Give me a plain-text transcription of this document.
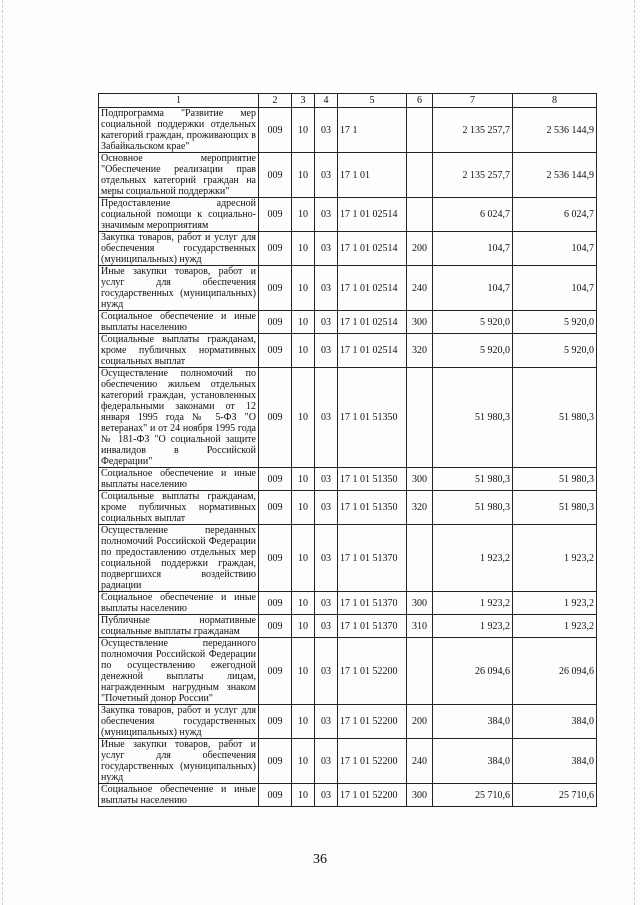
1	2	3	4	5	6	7	8
Подпрограмма "Развитие мер социальной поддержки отдельных категорий граждан, проживающих в Забайкальском крае"	009	10	03	17 1		2 135 257,7	2 536 144,9
Основное мероприятие "Обеспечение реализации прав отдельных категорий граждан на меры социальной поддержки"	009	10	03	17 1 01		2 135 257,7	2 536 144,9
Предоставление адресной социальной помощи к социально-значимым мероприятиям	009	10	03	17 1 01 02514		6 024,7	6 024,7
Закупка товаров, работ и услуг для обеспечения государственных (муниципальных) нужд	009	10	03	17 1 01 02514	200	104,7	104,7
Иные закупки товаров, работ и услуг для обеспечения государственных (муниципальных) нужд	009	10	03	17 1 01 02514	240	104,7	104,7
Социальное обеспечение и иные выплаты населению	009	10	03	17 1 01 02514	300	5 920,0	5 920,0
Социальные выплаты гражданам, кроме публичных нормативных социальных выплат	009	10	03	17 1 01 02514	320	5 920,0	5 920,0
Осуществление полномочий по обеспечению жильем отдельных категорий граждан, установленных федеральными законами от 12 января 1995 года № 5-ФЗ "О ветеранах" и от 24 ноября 1995 года № 181-ФЗ "О социальной защите инвалидов в Российской Федерации"	009	10	03	17 1 01 51350		51 980,3	51 980,3
Социальное обеспечение и иные выплаты населению	009	10	03	17 1 01 51350	300	51 980,3	51 980,3
Социальные выплаты гражданам, кроме публичных нормативных социальных выплат	009	10	03	17 1 01 51350	320	51 980,3	51 980,3
Осуществление переданных полномочий Российской Федерации по предоставлению отдельных мер социальной поддержки граждан, подвергшихся воздействию радиации	009	10	03	17 1 01 51370		1 923,2	1 923,2
Социальное обеспечение и иные выплаты населению	009	10	03	17 1 01 51370	300	1 923,2	1 923,2
Публичные нормативные социальные выплаты гражданам	009	10	03	17 1 01 51370	310	1 923,2	1 923,2
Осуществление переданного полномочия Российской Федерации по осуществлению ежегодной денежной выплаты лицам, награжденным нагрудным знаком "Почетный донор России"	009	10	03	17 1 01 52200		26 094,6	26 094,6
Закупка товаров, работ и услуг для обеспечения государственных (муниципальных) нужд	009	10	03	17 1 01 52200	200	384,0	384,0
Иные закупки товаров, работ и услуг для обеспечения государственных (муниципальных) нужд	009	10	03	17 1 01 52200	240	384,0	384,0
Социальное обеспечение и иные выплаты населению	009	10	03	17 1 01 52200	300	25 710,6	25 710,6
36
